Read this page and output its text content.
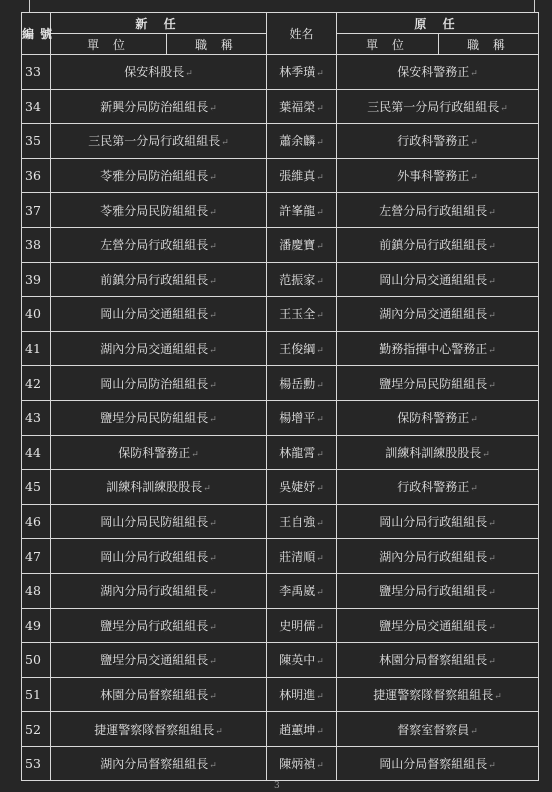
編號	新 任		姓名	原 任	
	單 位	職 稱		單 位	職 稱
33	保安科股長↵		林季璜↵	保安科警務正↵	
34	新興分局防治組組長↵		葉福榮↵	三民第一分局行政組組長↵	
35	三民第一分局行政組組長↵		蕭余麟↵	行政科警務正↵	
36	苓雅分局防治組組長↵		張維真↵	外事科警務正↵	
37	苓雅分局民防組組長↵		許峯龍↵	左營分局行政組組長↵	
38	左營分局行政組組長↵		潘慶寶↵	前鎮分局行政組組長↵	
39	前鎮分局行政組組長↵		范振家↵	岡山分局交通組組長↵	
40	岡山分局交通組組長↵		王玉全↵	湖內分局交通組組長↵	
41	湖內分局交通組組長↵		王俊綱↵	勤務指揮中心警務正↵	
42	岡山分局防治組組長↵		楊岳勳↵	鹽埕分局民防組組長↵	
43	鹽埕分局民防組組長↵		楊增平↵	保防科警務正↵	
44	保防科警務正↵		林龍霄↵	訓練科訓練股股長↵	
45	訓練科訓練股股長↵		吳婕妤↵	行政科警務正↵	
46	岡山分局民防組組長↵		王自強↵	岡山分局行政組組長↵	
47	岡山分局行政組組長↵		莊清順↵	湖內分局行政組組長↵	
48	湖內分局行政組組長↵		李禹崴↵	鹽埕分局行政組組長↵	
49	鹽埕分局行政組組長↵		史明儒↵	鹽埕分局交通組組長↵	
50	鹽埕分局交通組組長↵		陳英中↵	林園分局督察組組長↵	
51	林園分局督察組組長↵		林明進↵	捷運警察隊督察組組長↵	
52	捷運警察隊督察組組長↵		趙蕙坤↵	督察室督察員↵	
53	湖內分局督察組組長↵		陳炳禎↵	岡山分局督察組組長↵	
3
